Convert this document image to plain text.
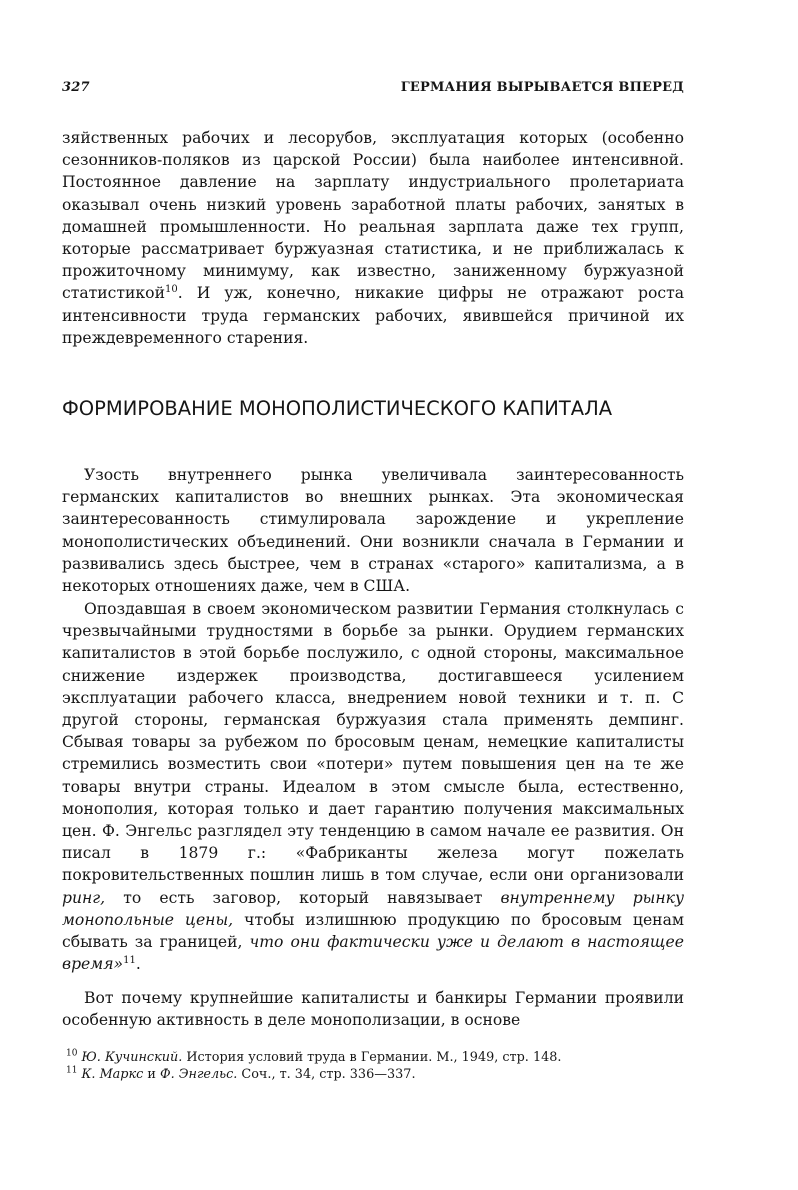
327	ГЕРМАНИЯ ВЫРЫВАЕТСЯ ВПЕРЕД

зяйственных рабочих и лесорубов, эксплуатация которых (особенно сезонников-поляков из царской России) была наиболее интенсивной. Постоянное давление на зарплату индустриального пролетариата оказывал очень низкий уровень заработной платы рабочих, занятых в домашней промышленности. Но реальная зарплата даже тех групп, которые рассматривает буржуазная статистика, и не приближалась к прожиточному минимуму, как известно, заниженному буржуазной статистикой$^{10}$. И уж, конечно, никакие цифры не отражают роста интенсивности труда германских рабочих, явившейся причиной их преждевременного старения.

ФОРМИРОВАНИЕ МОНОПОЛИСТИЧЕСКОГО КАПИТАЛА

Узость внутреннего рынка увеличивала заинтересованность германских капиталистов во внешних рынках. Эта экономическая заинтересованность стимулировала зарождение и укрепление монополистических объединений. Они возникли сначала в Германии и развивались здесь быстрее, чем в странах «старого» капитализма, а в некоторых отношениях даже, чем в США.

Опоздавшая в своем экономическом развитии Германия столкнулась с чрезвычайными трудностями в борьбе за рынки. Орудием германских капиталистов в этой борьбе послужило, с одной стороны, максимальное снижение издержек производства, достигавшееся усилением эксплуатации рабочего класса, внедрением новой техники и т. п. С другой стороны, германская буржуазия стала применять демпинг. Сбывая товары за рубежом по бросовым ценам, немецкие капиталисты стремились возместить свои «потери» путем повышения цен на те же товары внутри страны. Идеалом в этом смысле была, естественно, монополия, которая только и дает гарантию получения максимальных цен. Ф. Энгельс разглядел эту тенденцию в самом начале ее развития. Он писал в 1879 г.: «Фабриканты железа могут пожелать покровительственных пошлин лишь в том случае, если они организовали ринг, то есть заговор, который навязывает внутреннему рынку монопольные цены, чтобы излишнюю продукцию по бросовым ценам сбывать за границей, что они фактически уже и делают в настоящее время»$^{11}$.

Вот почему крупнейшие капиталисты и банкиры Германии проявили особенную активность в деле монополизации, в основе

$^{10}$ Ю. Кучинский. История условий труда в Германии. М., 1949, стр. 148.
$^{11}$ К. Маркс и Ф. Энгельс. Соч., т. 34, стр. 336—337.
